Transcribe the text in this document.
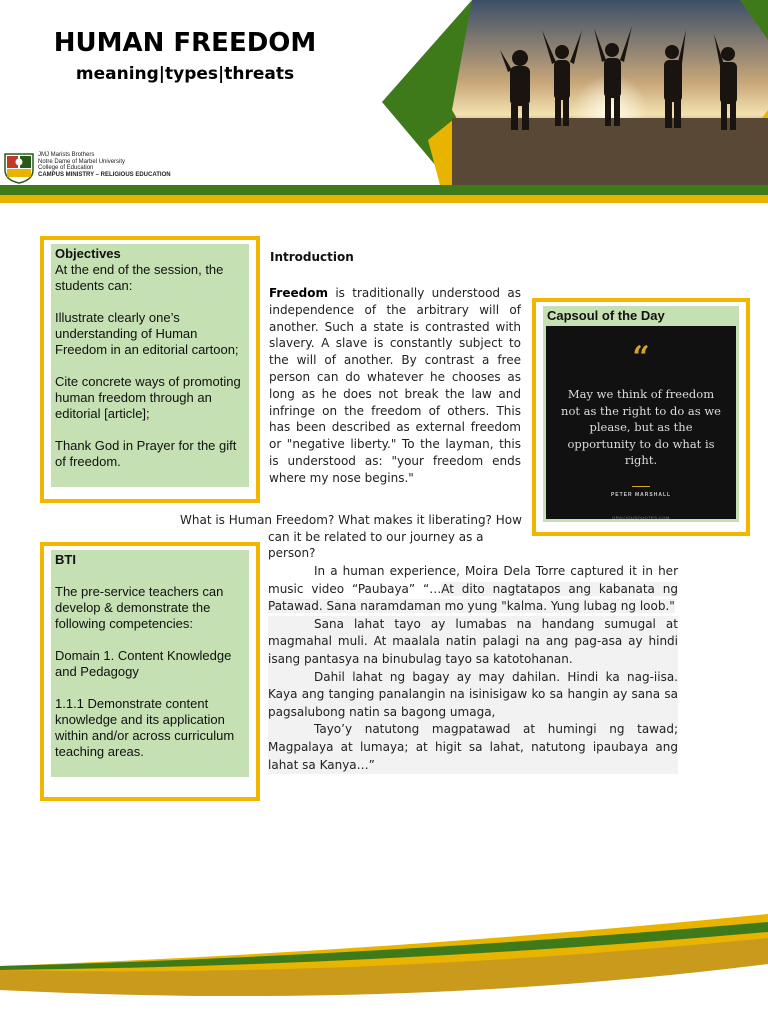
HUMAN FREEDOM
meaning|types|threats
JMJ Marists Brothers
Notre Dame of Marbel University
College of Education
CAMPUS MINISTRY – RELIGIOUS EDUCATION
Objectives

At the end of the session, the students can:

Illustrate clearly one’s understanding of Human Freedom in an editorial cartoon;

Cite concrete ways of promoting human freedom through an editorial [article];

Thank God in Prayer for the gift of freedom.

BTI

The pre-service teachers can develop & demonstrate the following competencies:

Domain 1. Content Knowledge and Pedagogy

1.1.1 Demonstrate content knowledge and its application within and/or across curriculum teaching areas.

Introduction
Freedom is traditionally understood as independence of the arbitrary will of another. Such a state is contrasted with slavery. A slave is constantly subject to the will of another. By contrast a free person can do whatever he chooses as long as he does not break the law and infringe on the freedom of others. This has been described as external freedom or "negative liberty." To the layman, this is understood as: "your freedom ends where my nose begins."
What is Human Freedom? What makes it liberating? How
can it be related to our journey as a person?
Capsoul of the Day
“
May we think of freedom not as the right to do as we please, but as the opportunity to do what is right.
PETER MARSHALL
GRACIOUSQUOTES.COM

In a human experience, Moira Dela Torre captured it in her music video “Paubaya” “…At dito nagtatapos ang kabanata ng Patawad. Sana naramdaman mo yung "kalma. Yung lubag ng loob."

Sana lahat tayo ay lumabas na handang sumugal at magmahal muli. At maalala natin palagi na ang pag-asa ay hindi isang pantasya na binubulag tayo sa katotohanan.

Dahil lahat ng bagay ay may dahilan. Hindi ka nag-iisa. Kaya ang tanging panalangin na isinisigaw ko sa hangin ay sana sa pagsalubong natin sa bagong umaga,

Tayo’y natutong magpatawad at humingi ng tawad; Magpalaya at lumaya; at higit sa lahat, natutong ipaubaya ang lahat sa Kanya…”
